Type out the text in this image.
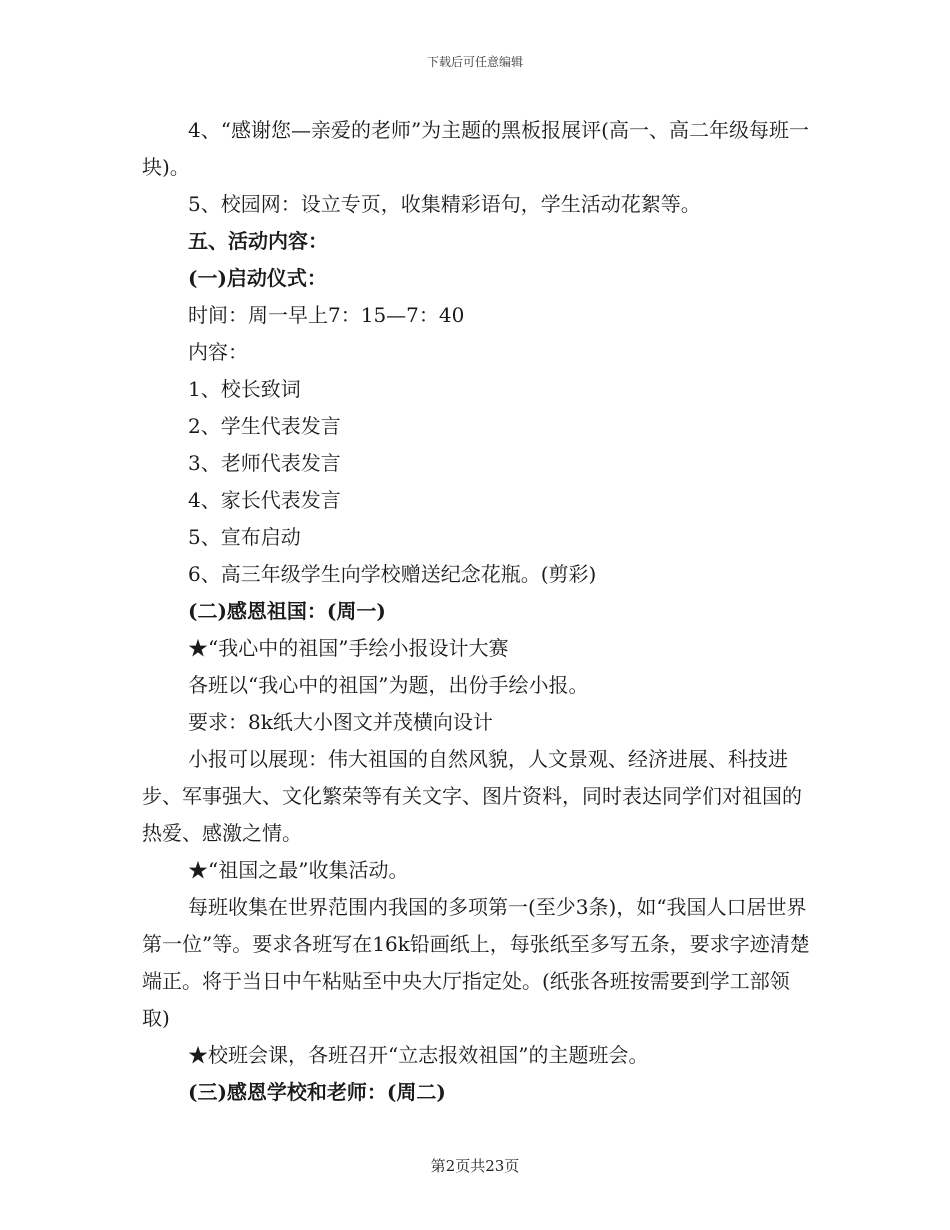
下载后可任意编辑

4、“感谢您—亲爱的老师”为主题的黑板报展评(高一、高二年级每班一块)。

5、校园网：设立专页，收集精彩语句，学生活动花絮等。

五、活动内容：

(一)启动仪式：

时间：周一早上7：15—7：40

内容：

1、校长致词

2、学生代表发言

3、老师代表发言

4、家长代表发言

5、宣布启动

6、高三年级学生向学校赠送纪念花瓶。(剪彩)

(二)感恩祖国：(周一)

★“我心中的祖国”手绘小报设计大赛

各班以“我心中的祖国”为题，出份手绘小报。

要求：8k纸大小图文并茂横向设计

小报可以展现：伟大祖国的自然风貌，人文景观、经济进展、科技进步、军事强大、文化繁荣等有关文字、图片资料，同时表达同学们对祖国的热爱、感激之情。

★“祖国之最”收集活动。

每班收集在世界范围内我国的多项第一(至少3条)，如“我国人口居世界第一位”等。要求各班写在16k铅画纸上，每张纸至多写五条，要求字迹清楚端正。将于当日中午粘贴至中央大厅指定处。(纸张各班按需要到学工部领取)

★校班会课，各班召开“立志报效祖国”的主题班会。

(三)感恩学校和老师：(周二)

第2页共23页
